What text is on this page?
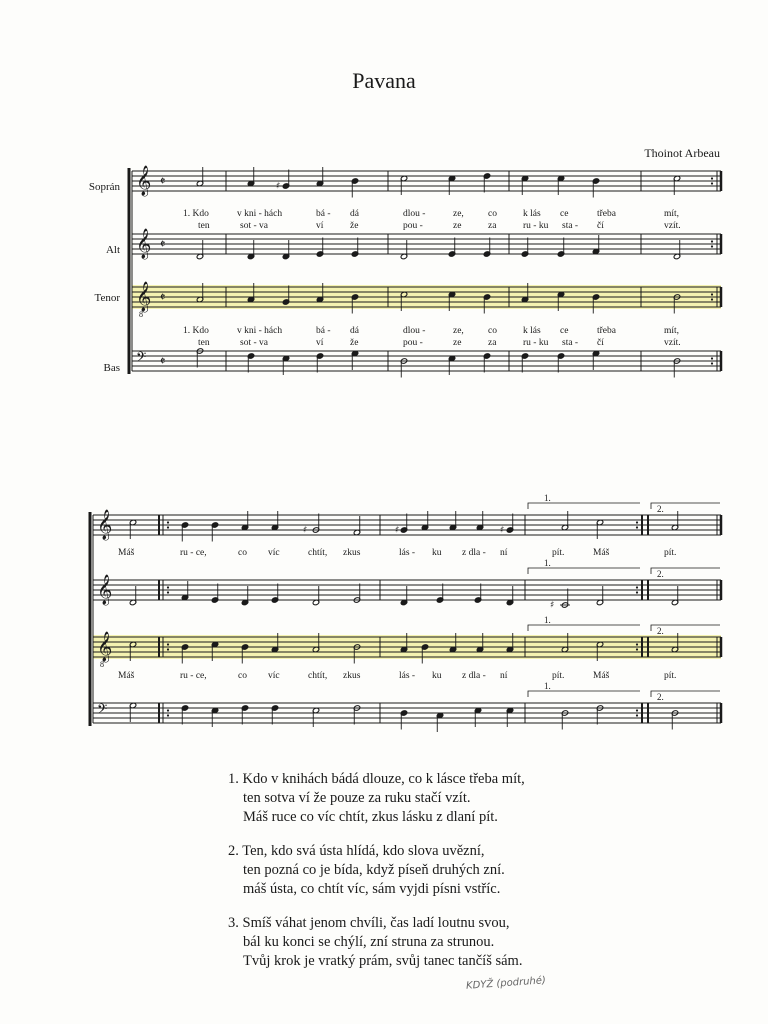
Pavana
Thoinot Arbeau
Soprán
Alt
Tenor
Bas
𝄞 𝄵
𝄞 𝄵
𝄞
8
𝄵
𝄢 𝄵
♯
𝄞
𝄞
𝄞
8
𝄢
♯	♯	♯
♯
1. Kdo	v kni - hách	bá - dá	dlou -	ze,	co	k lás ce	třeba	mít,
ten	sot - va	ví	že	pou -	ze	za	ru - ku sta - čí	vzít.
1. Kdo	v kni - hách	bá - dá	dlou -	ze,	co	k lás ce	třeba	mít,
ten	sot - va	ví	že	pou -	ze	za	ru - ku sta - čí	vzít.
1.
2.
1.
2.
1.
2.
1.
2.
Máš	ru - ce,	co víc	chtít, zkus	lás - ku z dla - ní	pít.	Máš	pít.
Máš	ru - ce,	co víc	chtít, zkus	lás - ku z dla - ní	pít.	Máš	pít.
1. Kdo v knihách bádá dlouze, co k lásce třeba mít,
ten sotva ví že pouze za ruku stačí vzít.
Máš ruce co víc chtít, zkus lásku z dlaní pít.
2. Ten, kdo svá ústa hlídá, kdo slova uvězní,
ten pozná co je bída, když píseň druhých zní.
máš ústa, co chtít víc, sám vyjdi písni vstříc.
3. Smíš váhat jenom chvíli, čas ladí loutnu svou,
bál ku konci se chýlí, zní struna za strunou.
Tvůj krok je vratký prám, svůj tanec tančíš sám.
KDYŽ (podruhé)
